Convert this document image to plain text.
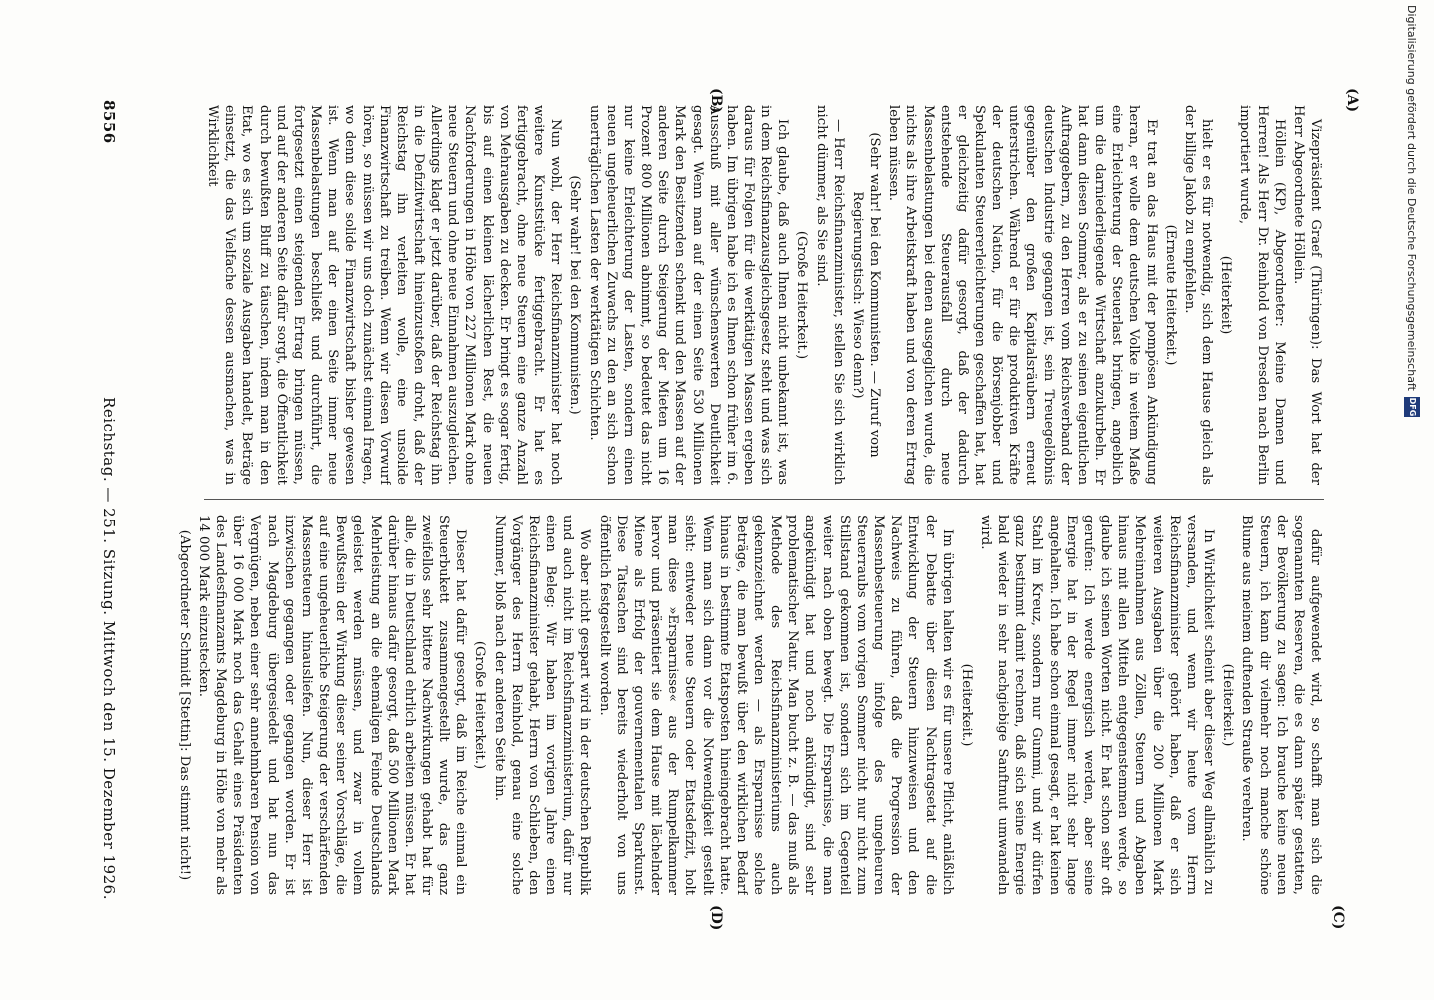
8556
Reichstag. — 251. Sitzung. Mittwoch den 15. Dezember 1926.
(A)
(B)
(C)
(D)

Vizepräsident Graef (Thüringen): Das Wort hat der Herr Abgeordnete Höllein.

Höllein (KP), Abgeordneter: Meine Damen und Herren! Als Herr Dr. Reinhold von Dresden nach Berlin importiert wurde,

(Heiterkeit)

hielt er es für notwendig, sich dem Hause gleich als der billige Jakob zu empfehlen.

(Erneute Heiterkeit.)

Er trat an das Haus mit der pompösen Ankündigung heran, er wolle dem deutschen Volke in weitem Maße eine Erleichterung der Steuerlast bringen, angeblich um die darniederliegende Wirtschaft anzukurbeln. Er hat dann diesen Sommer, als er zu seinen eigentlichen Auftraggebern, zu den Herren vom Reichsverband der deutschen Industrie gegangen ist, sein Treuegelöbnis gegenüber den großen Kapitalsräubern erneut unterstrichen. Während er für die produktiven Kräfte der deutschen Nation, für die Börsenjobber und Spekulanten Steuererleichterungen geschaffen hat, hat er gleichzeitig dafür gesorgt, daß der dadurch entstehende Steuerausfall durch neue Massenbelastungen bei denen ausgeglichen wurde, die nichts als ihre Arbeitskraft haben und von deren Ertrag leben müssen.

(Sehr wahr! bei den Kommunisten. — Zuruf vom Regierungstisch: Wieso denn?)

— Herr Reichsfinanzminister, stellen Sie sich wirklich nicht dümmer, als Sie sind.

(Große Heiterkeit.)

Ich glaube, daß auch Ihnen nicht unbekannt ist, was in dem Reichsfinanzausgleichsgesetz steht und was sich daraus für Folgen für die werktätigen Massen ergeben haben. Im übrigen habe ich es Ihnen schon früher im 6. Ausschuß mit aller wünschenswerten Deutlichkeit gesagt. Wenn man auf der einen Seite 530 Millionen Mark den Besitzenden schenkt und den Massen auf der anderen Seite durch Steigerung der Mieten um 16 Prozent 800 Millionen abnimmt, so bedeutet das nicht nur keine Erleichterung der Lasten, sondern einen neuen ungeheuerlichen Zuwachs zu den an sich schon unerträglichen Lasten der werktätigen Schichten.

(Sehr wahr! bei den Kommunisten.)

Nun wohl, der Herr Reichsfinanzminister hat noch weitere Kunststücke fertiggebracht. Er hat es fertiggebracht, ohne neue Steuern eine ganze Anzahl von Mehrausgaben zu decken. Er bringt es sogar fertig, bis auf einen kleinen lächerlichen Rest, die neuen Nachforderungen in Höhe von 227 Millionen Mark ohne neue Steuern und ohne neue Einnahmen auszugleichen. Allerdings klagt er jetzt darüber, daß der Reichstag ihn in die Defizitwirtschaft hineinzustoßen droht, daß der Reichstag ihn verleiten wolle, eine unsolide Finanzwirtschaft zu treiben. Wenn wir diesen Vorwurf hören, so müssen wir uns doch zunächst einmal fragen, wo denn diese solide Finanzwirtschaft bisher gewesen ist. Wenn man auf der einen Seite immer neue Massenbelastungen beschließt und durchführt, die fortgesetzt einen steigenden Ertrag bringen müssen, und auf der anderen Seite dafür sorgt, die Öffentlichkeit durch bewußten Bluff zu täuschen, indem man in den Etat, wo es sich um soziale Ausgaben handelt, Beträge einsetzt, die das Vielfache dessen ausmachen, was in Wirklichkeit

dafür aufgewendet wird, so schafft man sich die sogenannten Reserven, die es dann später gestatten, der Bevölkerung zu sagen: Ich brauche keine neuen Steuern, ich kann dir vielmehr noch manche schöne Blume aus meinem duftenden Strauße verehren.

(Heiterkeit.)

In Wirklichkeit scheint aber dieser Weg allmählich zu versanden, und wenn wir heute vom Herrn Reichsfinanzminister gehört haben, daß er sich weiteren Ausgaben über die 200 Millionen Mark Mehreinnahmen aus Zöllen, Steuern und Abgaben hinaus mit allen Mitteln entgegenstemmen werde, so glaube ich seinen Worten nicht. Er hat schon sehr oft gerufen: Ich werde energisch werden, aber seine Energie hat in der Regel immer nicht sehr lange angehalten. Ich habe schon einmal gesagt, er hat keinen Stahl im Kreuz, sondern nur Gummi, und wir dürfen ganz bestimmt damit rechnen, daß sich seine Energie bald wieder in sehr nachgiebige Sanftmut umwandeln wird.

(Heiterkeit.)

Im übrigen halten wir es für unsere Pflicht, anläßlich der Debatte über diesen Nachtragsetat auf die Entwicklung der Steuern hinzuweisen und den Nachweis zu führen, daß die Progression der Massenbesteuerung infolge des ungeheuren Steuerraubs vom vorigen Sommer nicht nur nicht zum Stillstand gekommen ist, sondern sich im Gegenteil weiter nach oben bewegt. Die Ersparnisse, die man angekündigt hat und noch ankündigt, sind sehr problematischer Natur. Man bucht z. B. — das muß als Methode des Reichsfinanzministeriums auch gekennzeichnet werden — als Ersparnisse solche Beträge, die man bewußt über den wirklichen Bedarf hinaus in bestimmte Etatsposten hineingebracht hatte. Wenn man sich dann vor die Notwendigkeit gestellt sieht: entweder neue Steuern oder Etatsdefizit, holt man diese »Ersparnisse« aus der Rumpelkammer hervor und präsentiert sie dem Hause mit lächelnder Miene als Erfolg der gouvernementalen Sparkunst. Diese Tatsachen sind bereits wiederholt von uns öffentlich festgestellt worden.

Wo aber nicht gespart wird in der deutschen Republik und auch nicht im Reichsfinanzministerium, dafür nur einen Beleg: Wir haben im vorigen Jahre einen Reichsfinanzminister gehabt, Herrn von Schlieben, den Vorgänger des Herrn Reinhold, genau eine solche Nummer, bloß nach der anderen Seite hin.

(Große Heiterkeit.)

Dieser hat dafür gesorgt, daß im Reiche einmal ein Steuerbukett zusammengestellt wurde, das ganz zweifellos sehr bittere Nachwirkungen gehabt hat für alle, die in Deutschland ehrlich arbeiten müssen. Er hat darüber hinaus dafür gesorgt, daß 500 Millionen Mark Mehrleistung an die ehemaligen Feinde Deutschlands geleistet werden müssen, und zwar in vollem Bewußtsein der Wirkung dieser seiner Vorschläge, die auf eine ungeheuerliche Steigerung der verschärfenden Massensteuern hinausliefen. Nun, dieser Herr ist inzwischen gegangen oder gegangen worden. Er ist nach Magdeburg übergesiedelt und hat nun das Vergnügen, neben einer sehr annehmbaren Pension von über 16 000 Mark noch das Gehalt eines Präsidenten des Landesfinanzamts Magdeburg in Höhe von mehr als 14 000 Mark einzustecken.

(Abgeordneter Schmidt [Stettin]: Das stimmt nicht!)

Digitalisierung gefördert durch die Deutsche Forschungsgemeinschaft
DFG
